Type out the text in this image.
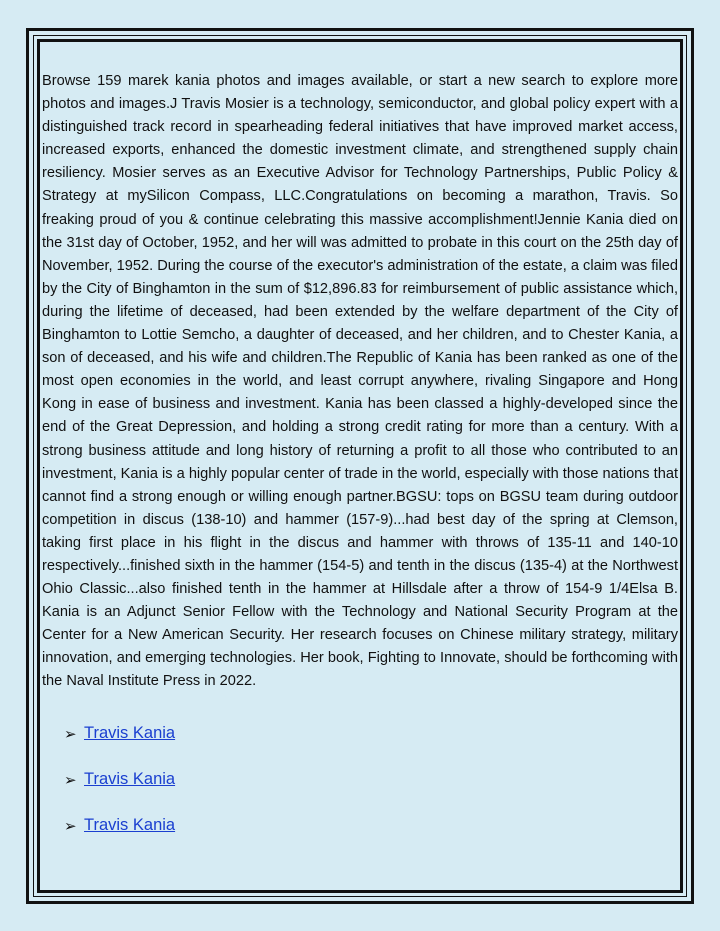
Browse 159 marek kania photos and images available, or start a new search to explore more photos and images.J Travis Mosier is a technology, semiconductor, and global policy expert with a distinguished track record in spearheading federal initiatives that have improved market access, increased exports, enhanced the domestic investment climate, and strengthened supply chain resiliency. Mosier serves as an Executive Advisor for Technology Partnerships, Public Policy & Strategy at mySilicon Compass, LLC.Congratulations on becoming a marathon, Travis. So freaking proud of you & continue celebrating this massive accomplishment!Jennie Kania died on the 31st day of October, 1952, and her will was admitted to probate in this court on the 25th day of November, 1952. During the course of the executor's administration of the estate, a claim was filed by the City of Binghamton in the sum of $12,896.83 for reimbursement of public assistance which, during the lifetime of deceased, had been extended by the welfare department of the City of Binghamton to Lottie Semcho, a daughter of deceased, and her children, and to Chester Kania, a son of deceased, and his wife and children.The Republic of Kania has been ranked as one of the most open economies in the world, and least corrupt anywhere, rivaling Singapore and Hong Kong in ease of business and investment. Kania has been classed a highly-developed since the end of the Great Depression, and holding a strong credit rating for more than a century. With a strong business attitude and long history of returning a profit to all those who contributed to an investment, Kania is a highly popular center of trade in the world, especially with those nations that cannot find a strong enough or willing enough partner.BGSU: tops on BGSU team during outdoor competition in discus (138-10) and hammer (157-9)...had best day of the spring at Clemson, taking first place in his flight in the discus and hammer with throws of 135-11 and 140-10 respectively...finished sixth in the hammer (154-5) and tenth in the discus (135-4) at the Northwest Ohio Classic...also finished tenth in the hammer at Hillsdale after a throw of 154-9 1/4Elsa B. Kania is an Adjunct Senior Fellow with the Technology and National Security Program at the Center for a New American Security. Her research focuses on Chinese military strategy, military innovation, and emerging technologies. Her book, Fighting to Innovate, should be forthcoming with the Naval Institute Press in 2022.

➢ Travis Kania
➢ Travis Kania
➢ Travis Kania
